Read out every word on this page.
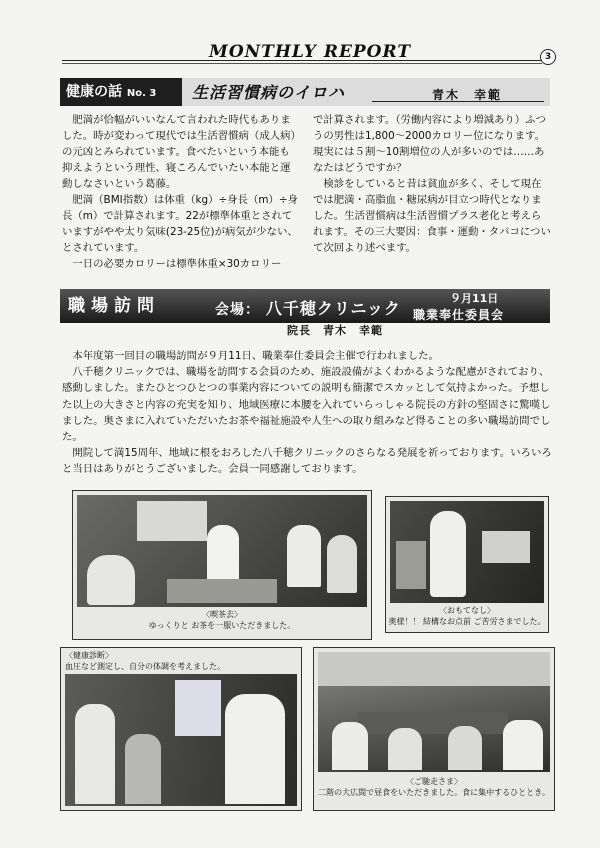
MONTHLY REPORT	3
健康の話 No. 3	生活習慣病のイロハ	青木　幸範

　肥満が恰幅がいいなんて言われた時代もありました。時が変わって現代では生活習慣病（成人病）の元凶とみられています。食べたいという本能も抑えようという理性、寝ころんでいたい本能と運動しなさいという葛藤。

　肥満（BMI指数）は体重（kg）÷身長（m）÷身長（m）で計算されます。22が標準体重とされていますがやや太り気味(23-25位)が病気が少ない、とされています。

　一日の必要カロリーは標準体重×30カロリー

で計算されます。（労働内容により増減あり）ふつうの男性は1,800〜2000カロリー位になります。現実には５割〜10割増位の人が多いのでは……あなたはどうですか？

　検診をしていると昔は貧血が多く、そして現在では肥満・高脂血・糖尿病が目立つ時代となりました。生活習慣病は生活習慣プラス老化と考えられます。その三大要因：食事・運動・タバコについて次回より述べます。

職場訪問	会場： 八千穂クリニック
９月11日
職業奉仕委員会
院長　青木　幸範

　本年度第一回目の職場訪問が９月11日、職業奉仕委員会主催で行われました。

　八千穂クリニックでは、職場を訪問する会員のため、施設設備がよくわかるような配慮がされており、感動しました。またひとつひとつの事業内容についての説明も簡潔でスカッとして気持よかった。予想した以上の大きさと内容の充実を知り、地域医療に本腰を入れていらっしゃる院長の方針の堅固さに驚嘆しました。奥さまに入れていただいたお茶や福祉施設や人生への取り組みなど得ることの多い職場訪問でした。

　開院して満15周年、地域に根をおろした八千穂クリニックのさらなる発展を祈っております。いろいろと当日はありがとうございました。会員一同感謝しております。

〈喫茶去〉
ゆっくりと お茶を一服いただきました。
〈おもてなし〉
奥様！！ 結構なお点前 ご苦労さまでした。
〈健康診断〉
血圧など測定し、自分の体調を考えました。
〈ご馳走さま〉
二階の大広間で昼食をいただきました。食に集中するひととき。
